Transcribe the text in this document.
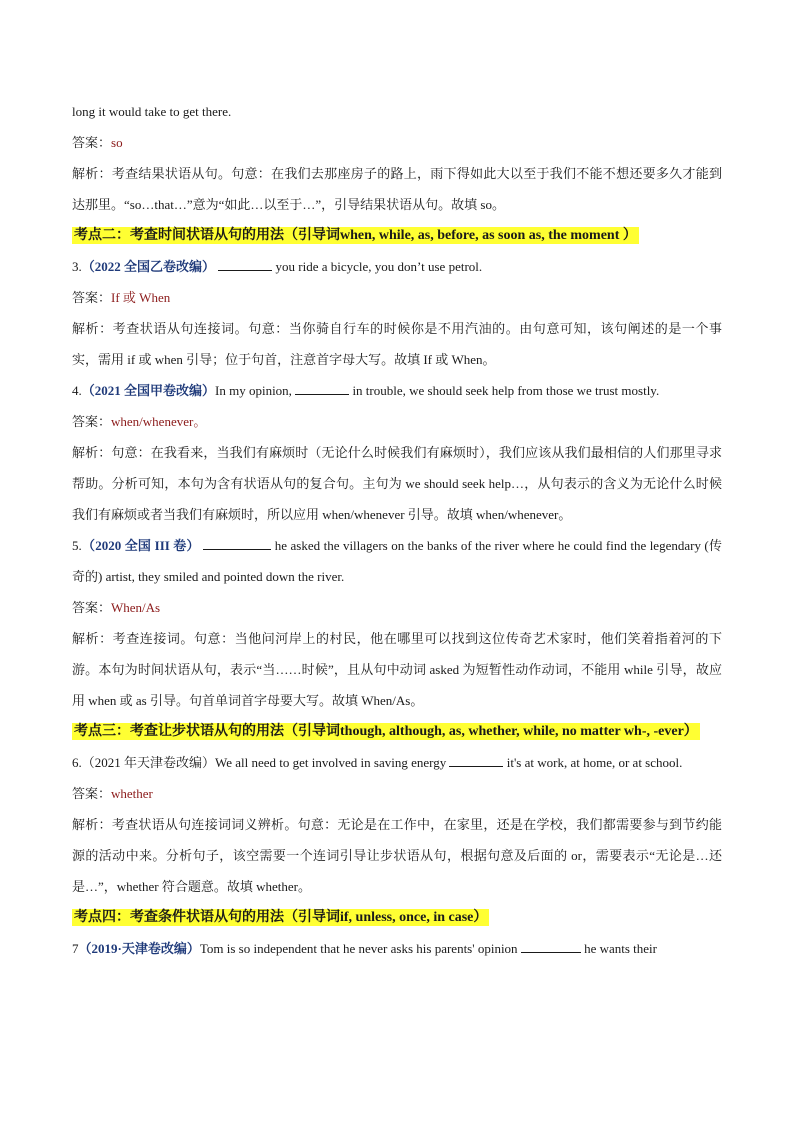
long it would take to get there.
答案：so
解析：考查结果状语从句。句意：在我们去那座房子的路上，雨下得如此大以至于我们不能不想还要多久才能到达那里。“so…that…”意为“如此…以至于…”，引导结果状语从句。故填 so。
考点二：考查时间状语从句的用法（引导词when, while, as, before, as soon as, the moment ）
3.（2022 全国乙卷改编）	you ride a bicycle, you don’t use petrol.
答案：If 或 When
解析：考查状语从句连接词。句意：当你骑自行车的时候你是不用汽油的。由句意可知，该句阐述的是一个事实，需用 if 或 when 引导；位于句首，注意首字母大写。故填 If 或 When。
4.（2021 全国甲卷改编）In my opinion,	in trouble, we should seek help from those we trust mostly.
答案：when/whenever。
解析：句意：在我看来，当我们有麻烦时（无论什么时候我们有麻烦时），我们应该从我们最相信的人们那里寻求帮助。分析可知，本句为含有状语从句的复合句。主句为 we should seek help…，从句表示的含义为无论什么时候我们有麻烦或者当我们有麻烦时，所以应用 when/whenever 引导。故填 when/whenever。
5.（2020 全国 III 卷）	he asked the villagers on the banks of the river where he could find the legendary (传奇的) artist, they smiled and pointed down the river.
答案：When/As
解析：考查连接词。句意：当他问河岸上的村民，他在哪里可以找到这位传奇艺术家时，他们笑着指着河的下游。本句为时间状语从句，表示“当……时候”，且从句中动词 asked 为短暂性动作动词，不能用 while 引导，故应用 when 或 as 引导。句首单词首字母要大写。故填 When/As。
考点三：考查让步状语从句的用法（引导词though, although, as, whether, while, no matter wh-, -ever）
6.（2021 年天津卷改编）We all need to get involved in saving energy	it's at work, at home, or at school.
答案：whether
解析：考查状语从句连接词词义辨析。句意：无论是在工作中，在家里，还是在学校，我们都需要参与到节约能源的活动中来。分析句子，该空需要一个连词引导让步状语从句，根据句意及后面的 or，需要表示“无论是…还是…”，whether 符合题意。故填 whether。
考点四：考查条件状语从句的用法（引导词if, unless, once, in case）
7（2019·天津卷改编）Tom is so independent that he never asks his parents' opinion	he wants their
